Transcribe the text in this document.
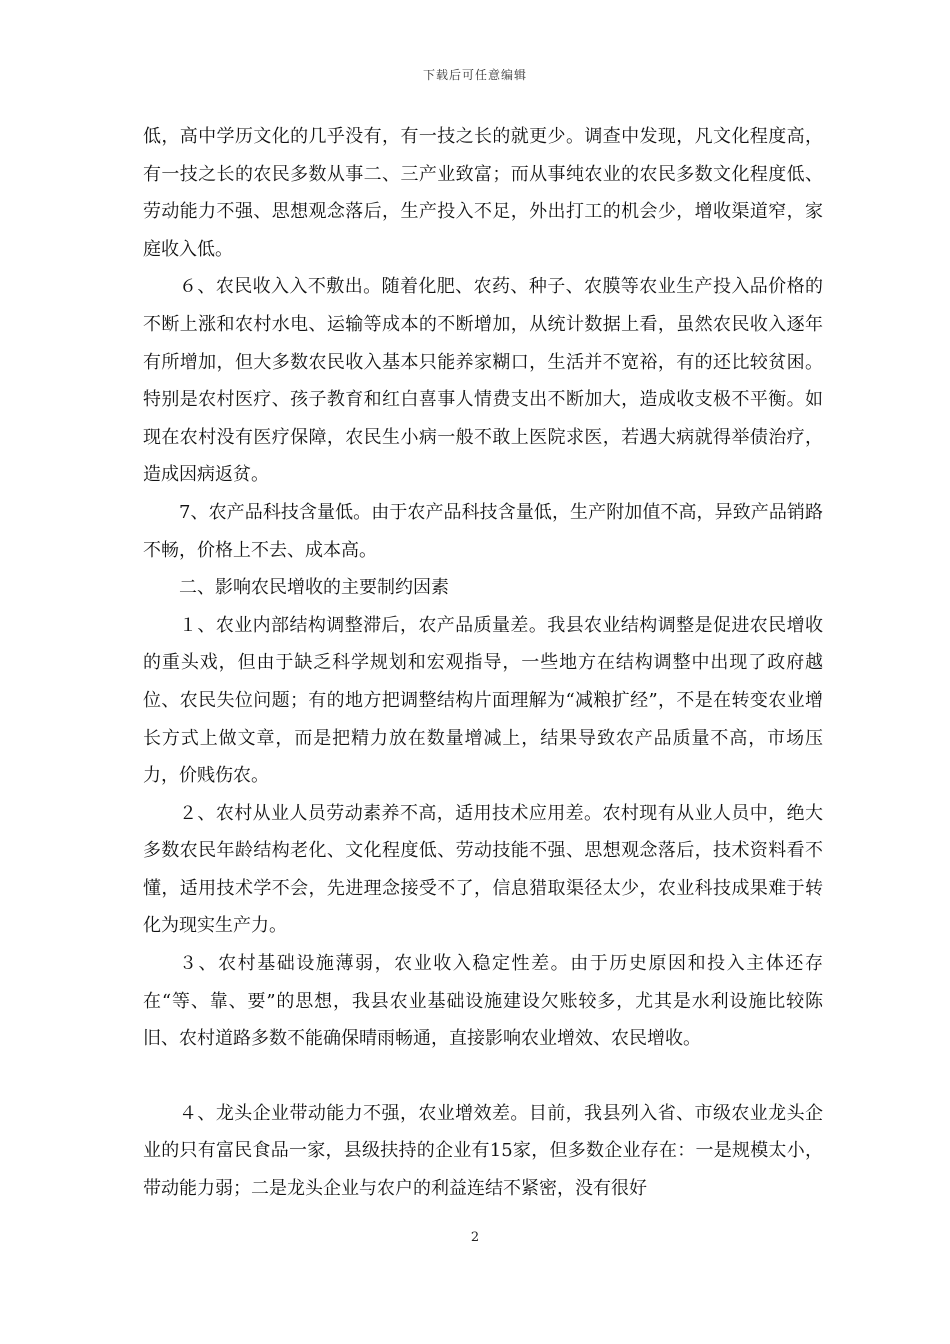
下载后可任意编辑

低，高中学历文化的几乎没有，有一技之长的就更少。调查中发现，凡文化程度高，有一技之长的农民多数从事二、三产业致富；而从事纯农业的农民多数文化程度低、劳动能力不强、思想观念落后，生产投入不足，外出打工的机会少，增收渠道窄，家庭收入低。

６、农民收入入不敷出。随着化肥、农药、种子、农膜等农业生产投入品价格的不断上涨和农村水电、运输等成本的不断增加，从统计数据上看，虽然农民收入逐年有所增加，但大多数农民收入基本只能养家糊口，生活并不宽裕，有的还比较贫困。特别是农村医疗、孩子教育和红白喜事人情费支出不断加大，造成收支极不平衡。如现在农村没有医疗保障，农民生小病一般不敢上医院求医，若遇大病就得举债治疗，造成因病返贫。

7、农产品科技含量低。由于农产品科技含量低，生产附加值不高，异致产品销路不畅，价格上不去、成本高。

二、影响农民增收的主要制约因素

１、农业内部结构调整滞后，农产品质量差。我县农业结构调整是促进农民增收的重头戏，但由于缺乏科学规划和宏观指导，一些地方在结构调整中出现了政府越位、农民失位问题；有的地方把调整结构片面理解为“减粮扩经”，不是在转变农业增长方式上做文章，而是把精力放在数量增减上，结果导致农产品质量不高，市场压力，价贱伤农。

２、农村从业人员劳动素养不高，适用技术应用差。农村现有从业人员中，绝大多数农民年龄结构老化、文化程度低、劳动技能不强、思想观念落后，技术资料看不懂，适用技术学不会，先进理念接受不了，信息猎取渠径太少，农业科技成果难于转化为现实生产力。

３、农村基础设施薄弱，农业收入稳定性差。由于历史原因和投入主体还存在“等、靠、要”的思想，我县农业基础设施建设欠账较多，尤其是水利设施比较陈旧、农村道路多数不能确保晴雨畅通，直接影响农业增效、农民增收。

４、龙头企业带动能力不强，农业增效差。目前，我县列入省、市级农业龙头企业的只有富民食品一家，县级扶持的企业有15家，但多数企业存在：一是规模太小，带动能力弱；二是龙头企业与农户的利益连结不紧密，没有很好

2
